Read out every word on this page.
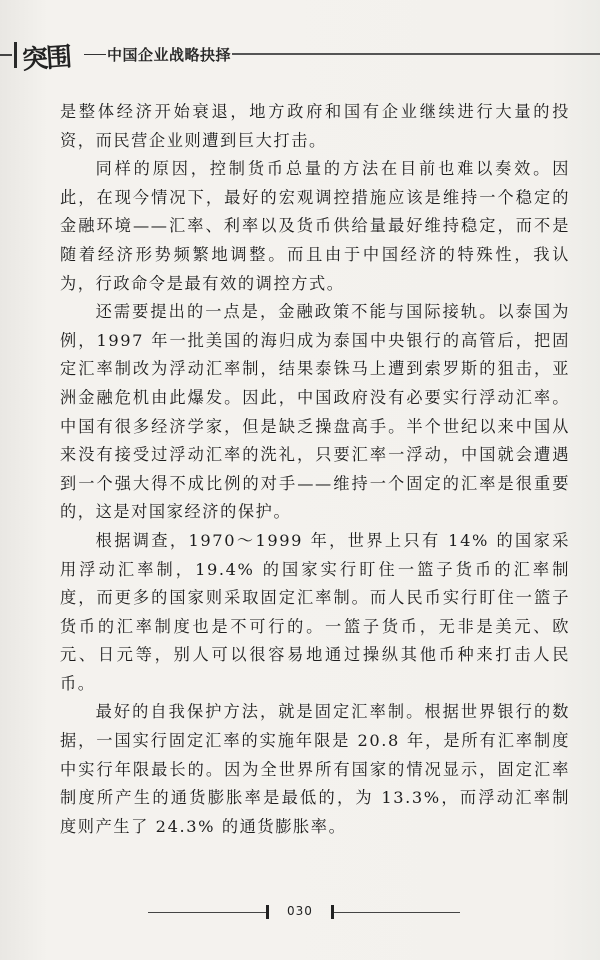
突围 中国企业战略抉择

是整体经济开始衰退，地方政府和国有企业继续进行大量的投资，而民营企业则遭到巨大打击。

同样的原因，控制货币总量的方法在目前也难以奏效。因此，在现今情况下，最好的宏观调控措施应该是维持一个稳定的金融环境——汇率、利率以及货币供给量最好维持稳定，而不是随着经济形势频繁地调整。而且由于中国经济的特殊性，我认为，行政命令是最有效的调控方式。

还需要提出的一点是，金融政策不能与国际接轨。以泰国为例，1997 年一批美国的海归成为泰国中央银行的高管后，把固定汇率制改为浮动汇率制，结果泰铢马上遭到索罗斯的狙击，亚洲金融危机由此爆发。因此，中国政府没有必要实行浮动汇率。中国有很多经济学家，但是缺乏操盘高手。半个世纪以来中国从来没有接受过浮动汇率的洗礼，只要汇率一浮动，中国就会遭遇到一个强大得不成比例的对手——维持一个固定的汇率是很重要的，这是对国家经济的保护。

根据调查，1970～1999 年，世界上只有 14% 的国家采用浮动汇率制，19.4% 的国家实行盯住一篮子货币的汇率制度，而更多的国家则采取固定汇率制。而人民币实行盯住一篮子货币的汇率制度也是不可行的。一篮子货币，无非是美元、欧元、日元等，别人可以很容易地通过操纵其他币种来打击人民币。

最好的自我保护方法，就是固定汇率制。根据世界银行的数据，一国实行固定汇率的实施年限是 20.8 年，是所有汇率制度中实行年限最长的。因为全世界所有国家的情况显示，固定汇率制度所产生的通货膨胀率是最低的，为 13.3%，而浮动汇率制度则产生了 24.3% 的通货膨胀率。

030
